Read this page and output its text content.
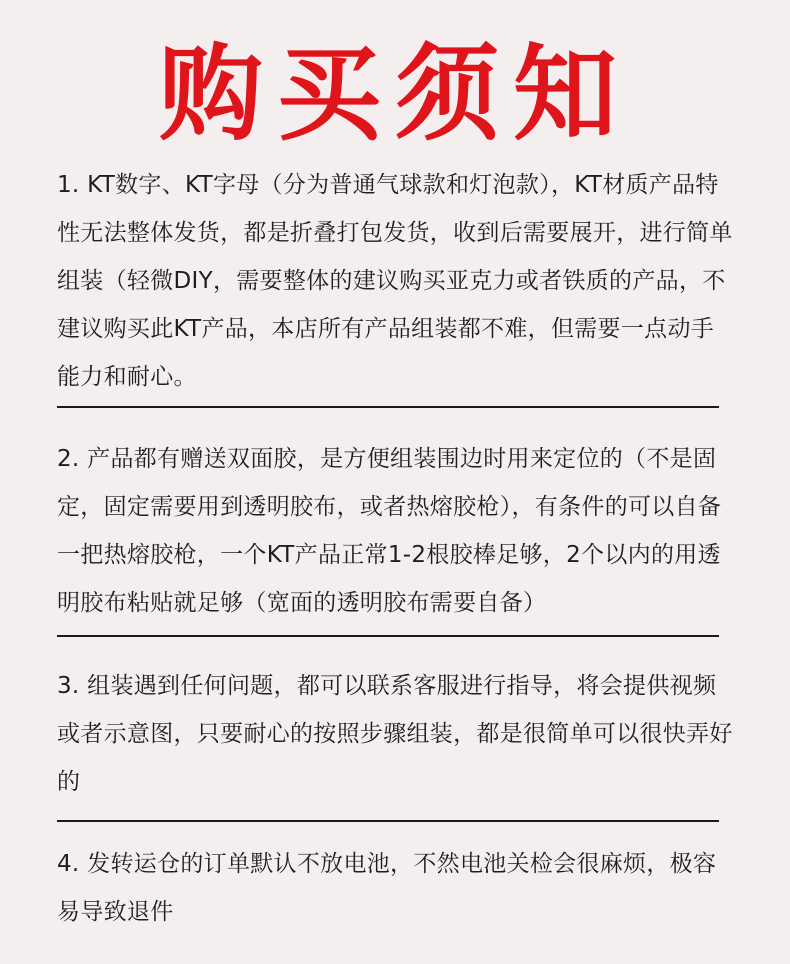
购买须知
1. KT数字、KT字母（分为普通气球款和灯泡款），KT材质产品特性无法整体发货，都是折叠打包发货，收到后需要展开，进行简单组装（轻微DIY，需要整体的建议购买亚克力或者铁质的产品，不建议购买此KT产品，本店所有产品组装都不难，但需要一点动手能力和耐心。
2. 产品都有赠送双面胶，是方便组装围边时用来定位的（不是固定，固定需要用到透明胶布，或者热熔胶枪），有条件的可以自备一把热熔胶枪，一个KT产品正常1-2根胶棒足够，2个以内的用透明胶布粘贴就足够（宽面的透明胶布需要自备）
3. 组装遇到任何问题，都可以联系客服进行指导，将会提供视频或者示意图，只要耐心的按照步骤组装，都是很简单可以很快弄好的
4. 发转运仓的订单默认不放电池，不然电池关检会很麻烦，极容易导致退件
